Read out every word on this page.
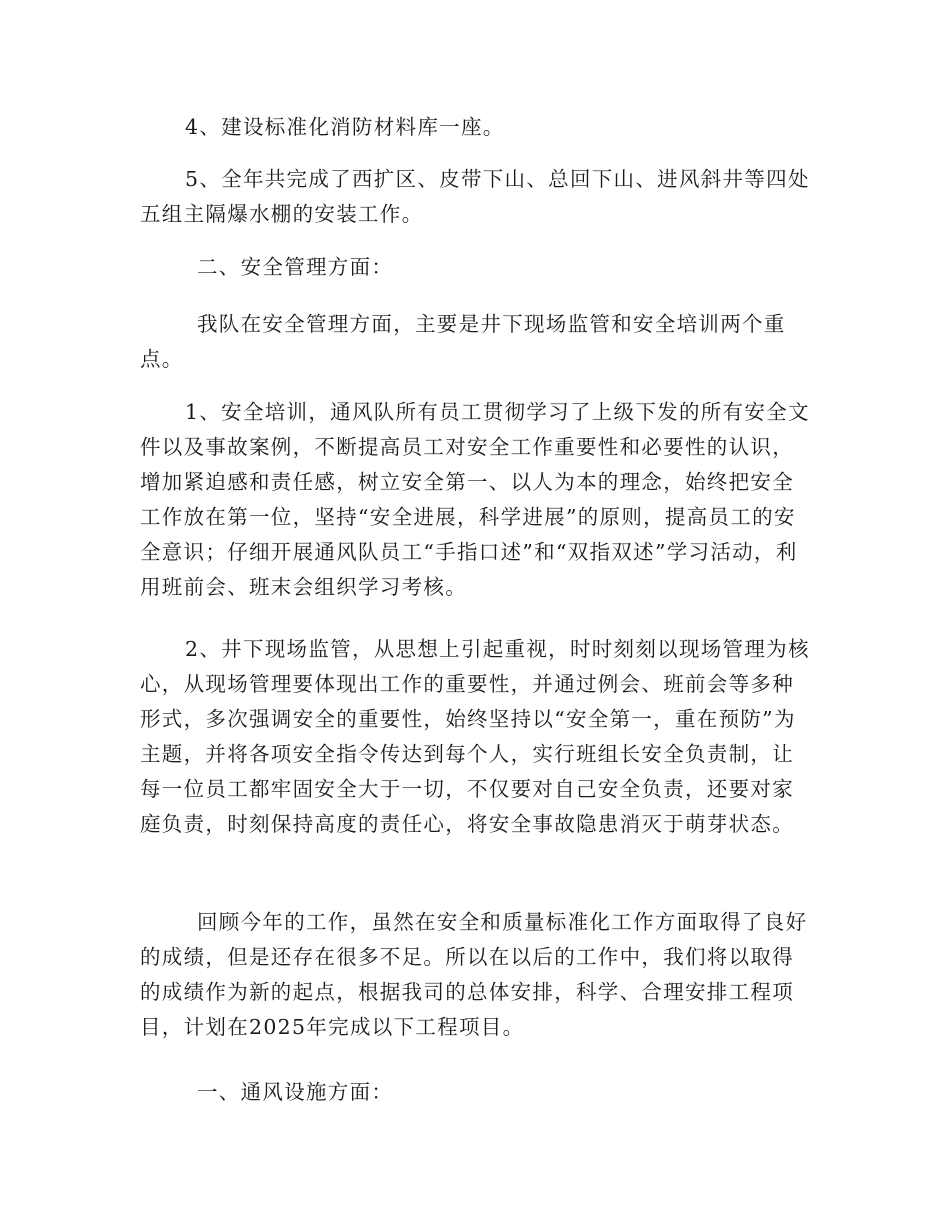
4、建设标准化消防材料库一座。

5、全年共完成了西扩区、皮带下山、总回下山、进风斜井等四处五组主隔爆水棚的安装工作。

二、安全管理方面：

我队在安全管理方面，主要是井下现场监管和安全培训两个重点。

1、安全培训，通风队所有员工贯彻学习了上级下发的所有安全文件以及事故案例，不断提高员工对安全工作重要性和必要性的认识，增加紧迫感和责任感，树立安全第一、以人为本的理念，始终把安全工作放在第一位，坚持“安全进展，科学进展”的原则，提高员工的安全意识；仔细开展通风队员工“手指口述”和“双指双述”学习活动，利用班前会、班末会组织学习考核。

2、井下现场监管，从思想上引起重视，时时刻刻以现场管理为核心，从现场管理要体现出工作的重要性，并通过例会、班前会等多种形式，多次强调安全的重要性，始终坚持以“安全第一，重在预防”为主题，并将各项安全指令传达到每个人，实行班组长安全负责制，让每一位员工都牢固安全大于一切，不仅要对自己安全负责，还要对家庭负责，时刻保持高度的责任心，将安全事故隐患消灭于萌芽状态。

回顾今年的工作，虽然在安全和质量标准化工作方面取得了良好的成绩，但是还存在很多不足。所以在以后的工作中，我们将以取得的成绩作为新的起点，根据我司的总体安排，科学、合理安排工程项目，计划在2025年完成以下工程项目。

一、通风设施方面：
